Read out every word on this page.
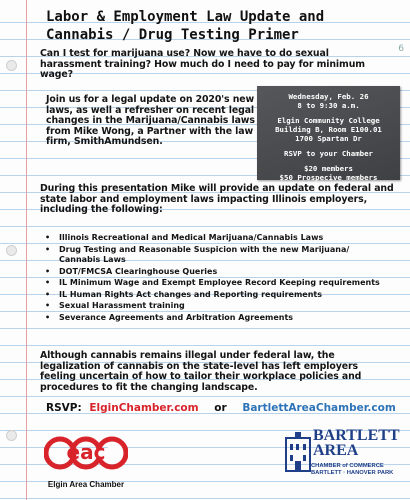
6
Labor & Employment Law Update and
Cannabis / Drug Testing Primer

Can I test for marijuana use? Now we have to do sexual harassment training? How much do I need to pay for minimum wage?

Join us for a legal update on 2020's new laws, as well a refresher on recent legal changes in the Marijuana/Cannabis laws from Mike Wong, a Partner with the law firm, SmithAmundsen.

Wednesday, Feb. 26
8 to 9:30 a.m.
Elgin Community College
Building B, Room E100.01
1700 Spartan Dr
RSVP to your Chamber
$20 members
$50 Prospecive members

During this presentation Mike will provide an update on federal and state labor and employment laws impacting Illinois employers, including the following:

• Illinois Recreational and Medical Marijuana/Cannabis Laws
• Drug Testing and Reasonable Suspicion with the new Marijuana/ Cannabis Laws
• DOT/FMCSA Clearinghouse Queries
• IL Minimum Wage and Exempt Employee Record Keeping requirements
• IL Human Rights Act changes and Reporting requirements
• Sexual Harassment training
• Severance Agreements and Arbitration Agreements

Although cannabis remains illegal under federal law, the legalization of cannabis on the state-level has left employers feeling uncertain of how to tailor their workplace policies and procedures to fit the changing landscape.

RSVP: ElginChamber.com or BartlettAreaChamber.com
eac
Elgin Area Chamber
BARTLETT
AREA
CHAMBER of COMMERCE
BARTLETT · HANOVER PARK
